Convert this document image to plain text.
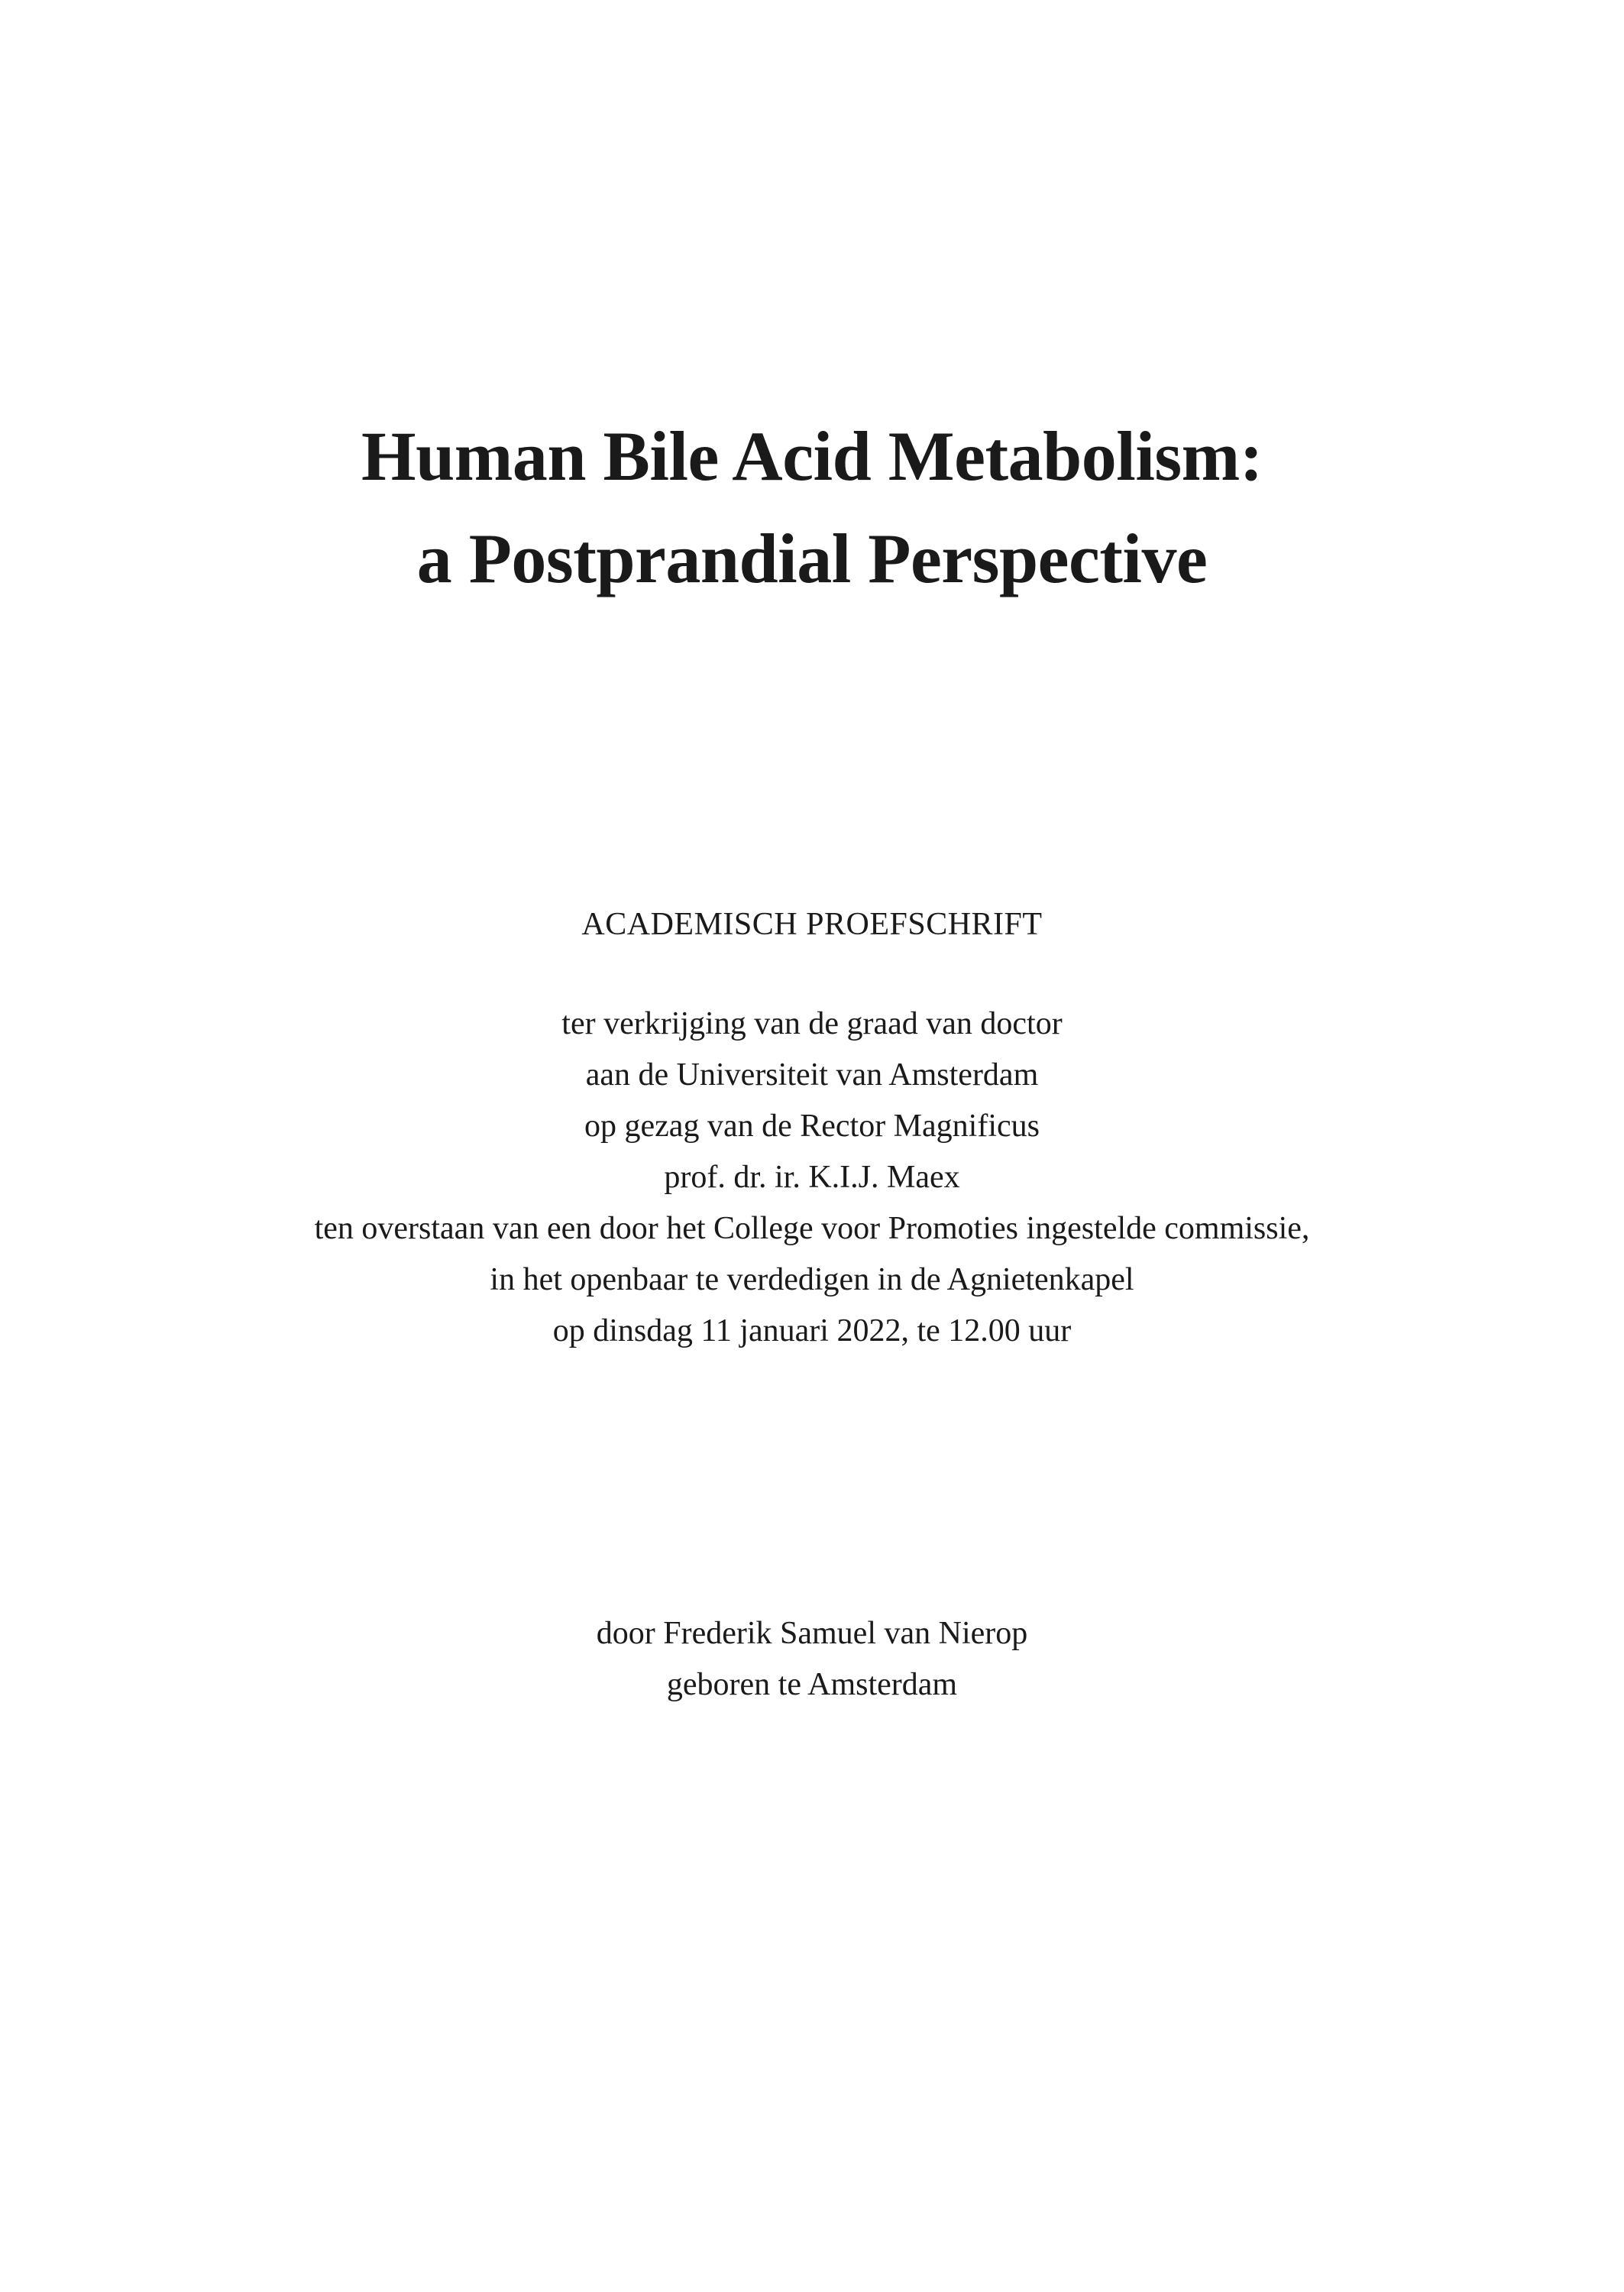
Human Bile Acid Metabolism:
a Postprandial Perspective
ACADEMISCH PROEFSCHRIFT
ter verkrijging van de graad van doctor
aan de Universiteit van Amsterdam
op gezag van de Rector Magnificus
prof. dr. ir. K.I.J. Maex
ten overstaan van een door het College voor Promoties ingestelde commissie,
in het openbaar te verdedigen in de Agnietenkapel
op dinsdag 11 januari 2022, te 12.00 uur
door Frederik Samuel van Nierop
geboren te Amsterdam
